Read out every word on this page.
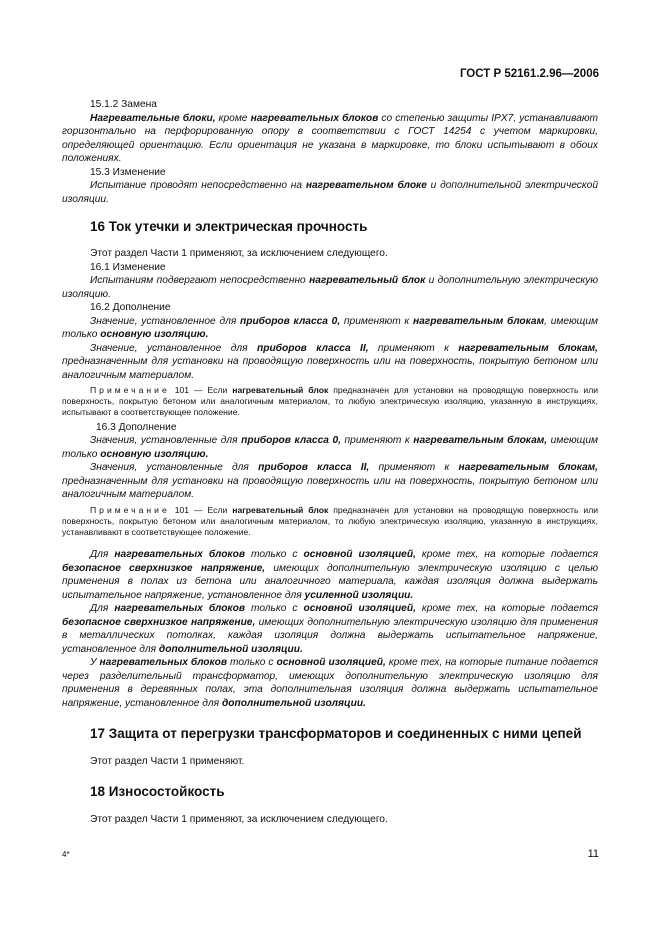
ГОСТ Р 52161.2.96—2006

15.1.2 Замена

Нагревательные блоки, кроме нагревательных блоков со степенью защиты IPX7, устанавливают горизонтально на перфорированную опору в соответствии с ГОСТ 14254 с учетом маркировки, определяющей ориентацию. Если ориентация не указана в маркировке, то блоки испытывают в обоих положениях.

15.3 Изменение

Испытание проводят непосредственно на нагревательном блоке и дополнительной электрической изоляции.

16 Ток утечки и электрическая прочность

Этот раздел Части 1 применяют, за исключением следующего.

16.1 Изменение

Испытаниям подвергают непосредственно нагревательный блок и дополнительную электрическую изоляцию.

16.2 Дополнение

Значение, установленное для приборов класса 0, применяют к нагревательным блокам, имеющим только основную изоляцию.

Значение, установленное для приборов класса II, применяют к нагревательным блокам, предназначенным для установки на проводящую поверхность или на поверхность, покрытую бетоном или аналогичным материалом.

Примечание 101 — Если нагревательный блок предназначен для установки на проводящую поверхность или поверхность, покрытую бетоном или аналогичным материалом, то любую электрическую изоляцию, указанную в инструкциях, испытывают в соответствующее положение.

16.3 Дополнение

Значения, установленные для приборов класса 0, применяют к нагревательным блокам, имеющим только основную изоляцию.

Значения, установленные для приборов класса II, применяют к нагревательным блокам, предназначенным для установки на проводящую поверхность или на поверхность, покрытую бетоном или аналогичным материалом.

Примечание 101 — Если нагревательный блок предназначен для установки на проводящую поверхность или поверхность, покрытую бетоном или аналогичным материалом, то любую электрическую изоляцию, указанную в инструкциях, устанавливают в соответствующее положение.

Для нагревательных блоков только с основной изоляцией, кроме тех, на которые подается безопасное сверхнизкое напряжение, имеющих дополнительную электрическую изоляцию с целью применения в полах из бетона или аналогичного материала, каждая изоляция должна выдержать испытательное напряжение, установленное для усиленной изоляции.

Для нагревательных блоков только с основной изоляцией, кроме тех, на которые подается безопасное сверхнизкое напряжение, имеющих дополнительную электрическую изоляцию для применения в металлических потолках, каждая изоляция должна выдержать испытательное напряжение, установленное для дополнительной изоляции.

У нагревательных блоков только с основной изоляцией, кроме тех, на которые питание подается через разделительный трансформатор, имеющих дополнительную электрическую изоляцию для применения в деревянных полах, эта дополнительная изоляция должна выдержать испытательное напряжение, установленное для дополнительной изоляции.

17 Защита от перегрузки трансформаторов и соединенных с ними цепей

Этот раздел Части 1 применяют.

18 Износостойкость

Этот раздел Части 1 применяют, за исключением следующего.

4*	11
